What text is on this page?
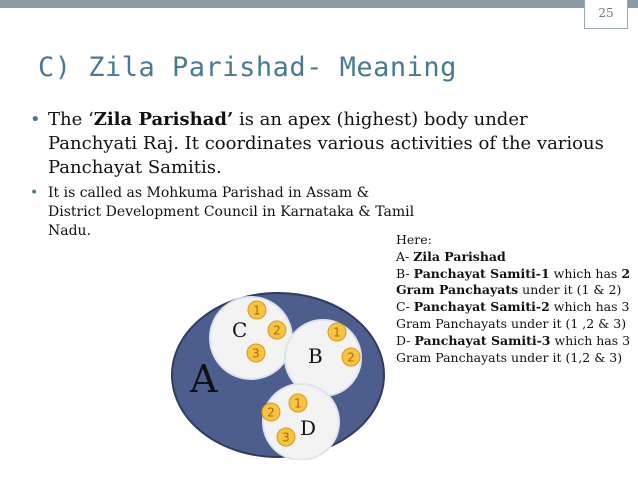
25
C) Zila Parishad- Meaning
• The ‘Zila Parishad’ is an apex (highest) body under Panchyati Raj. It coordinates various activities of the various Panchayat Samitis.
• It is called as Mohkuma Parishad in Assam & District Development Council in Karnataka & Tamil Nadu.
Here:
A- Zila Parishad
B- Panchayat Samiti-1 which has 2 Gram Panchayats under it (1 & 2)
C- Panchayat Samiti-2 which has 3 Gram Panchayats under it (1 ,2 & 3)
D- Panchayat Samiti-3 which has 3 Gram Panchayats under it (1,2 & 3)
A
C
B
D
1
2
3
1
2
1
2
3
